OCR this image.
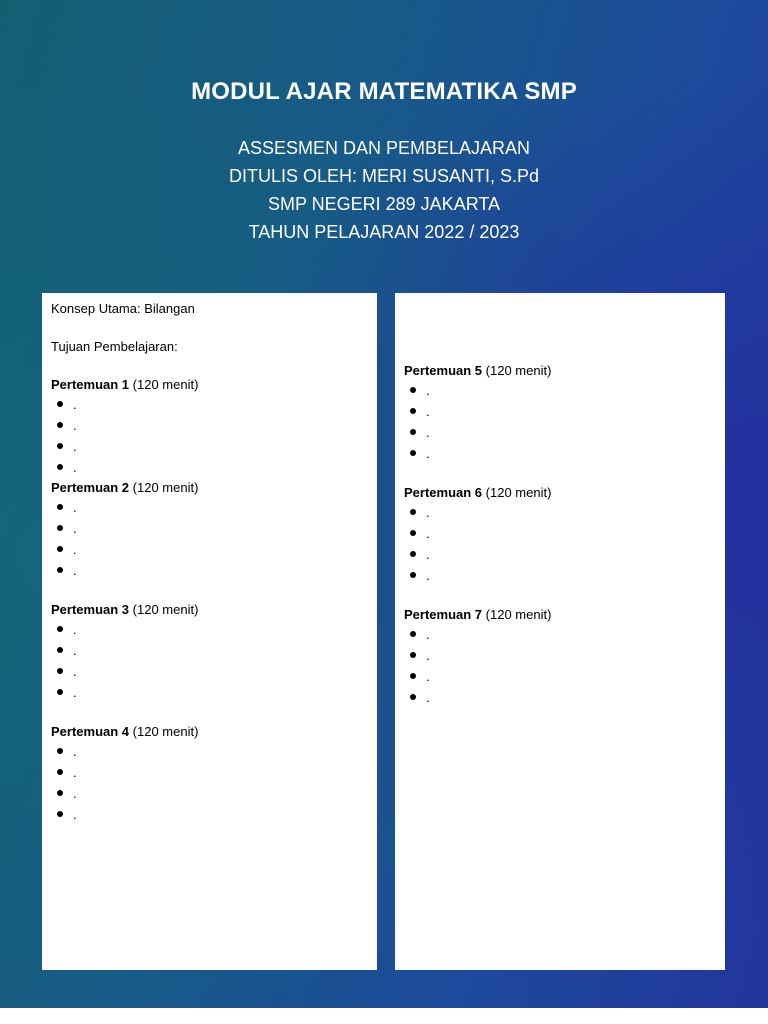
MODUL AJAR MATEMATIKA SMP
ASSESMEN DAN PEMBELAJARAN
DITULIS OLEH: MERI SUSANTI, S.Pd
SMP NEGERI 289 JAKARTA
TAHUN PELAJARAN 2022 / 2023
Konsep Utama: Bilangan
Tujuan Pembelajaran:
Pertemuan 1 (120 menit)
.
.
.
.
Pertemuan 2 (120 menit)
.
.
.
.
Pertemuan 3 (120 menit)
.
.
.
.
Pertemuan 4 (120 menit)
.
.
.
.
Pertemuan 5 (120 menit)
.
.
.
.
Pertemuan 6 (120 menit)
.
.
.
.
Pertemuan 7 (120 menit)
.
.
.
.
